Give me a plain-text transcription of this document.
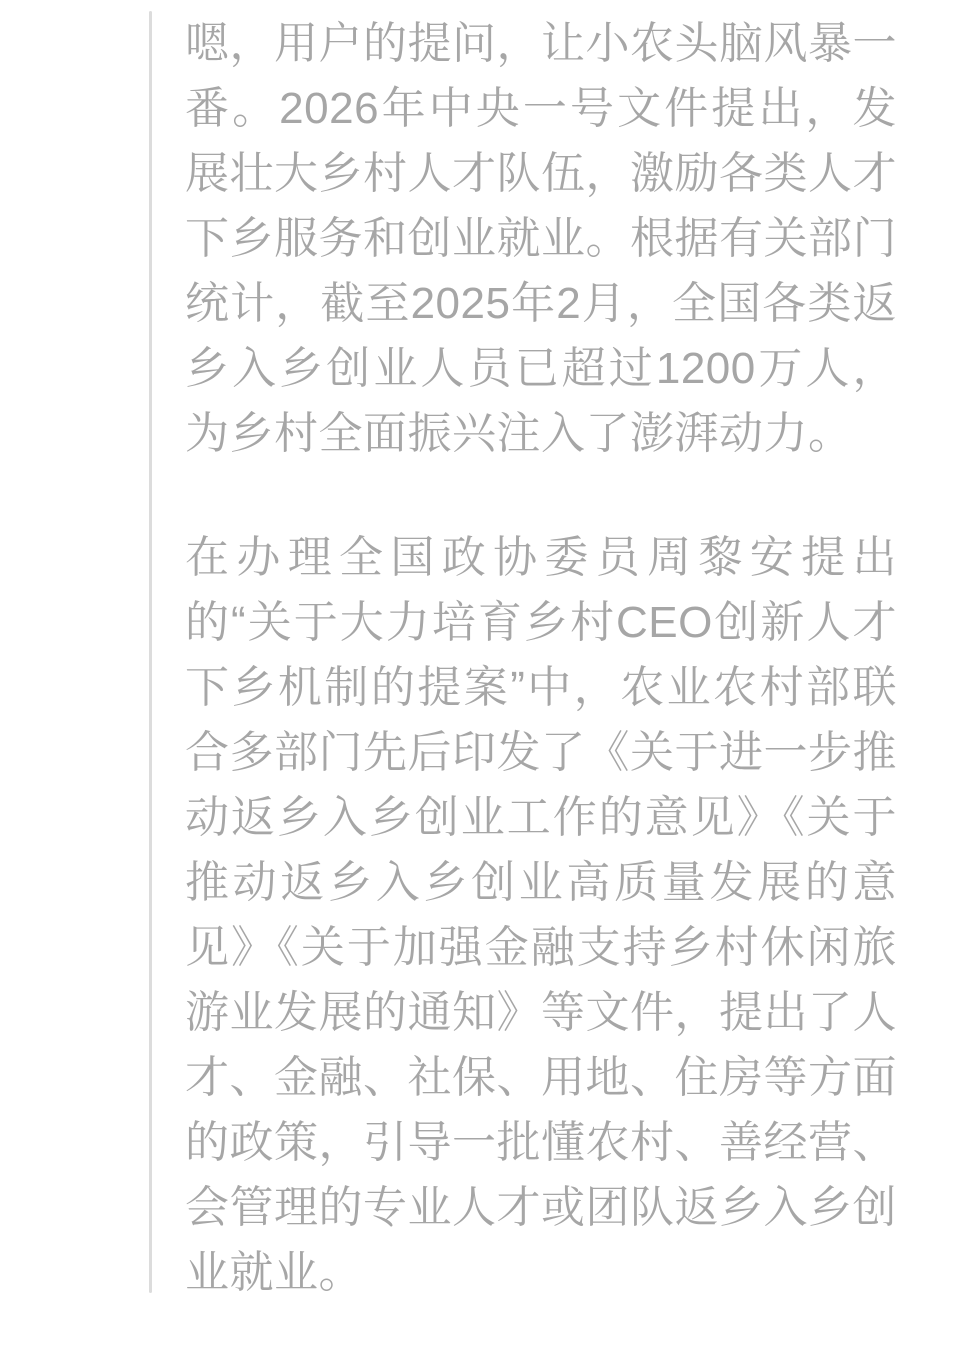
嗯，用户的提问，让小农头脑风暴一番。2026年中央一号文件提出，发展壮大乡村人才队伍，激励各类人才下乡服务和创业就业。根据有关部门统计，截至2025年2月，全国各类返乡入乡创业人员已超过1200万人，为乡村全面振兴注入了澎湃动力。

在办理全国政协委员周黎安提出的“关于大力培育乡村CEO创新人才下乡机制的提案”中，农业农村部联合多部门先后印发了《关于进一步推动返乡入乡创业工作的意见》《关于推动返乡入乡创业高质量发展的意见》《关于加强金融支持乡村休闲旅游业发展的通知》等文件，提出了人才、金融、社保、用地、住房等方面的政策，引导一批懂农村、善经营、会管理的专业人才或团队返乡入乡创业就业。
